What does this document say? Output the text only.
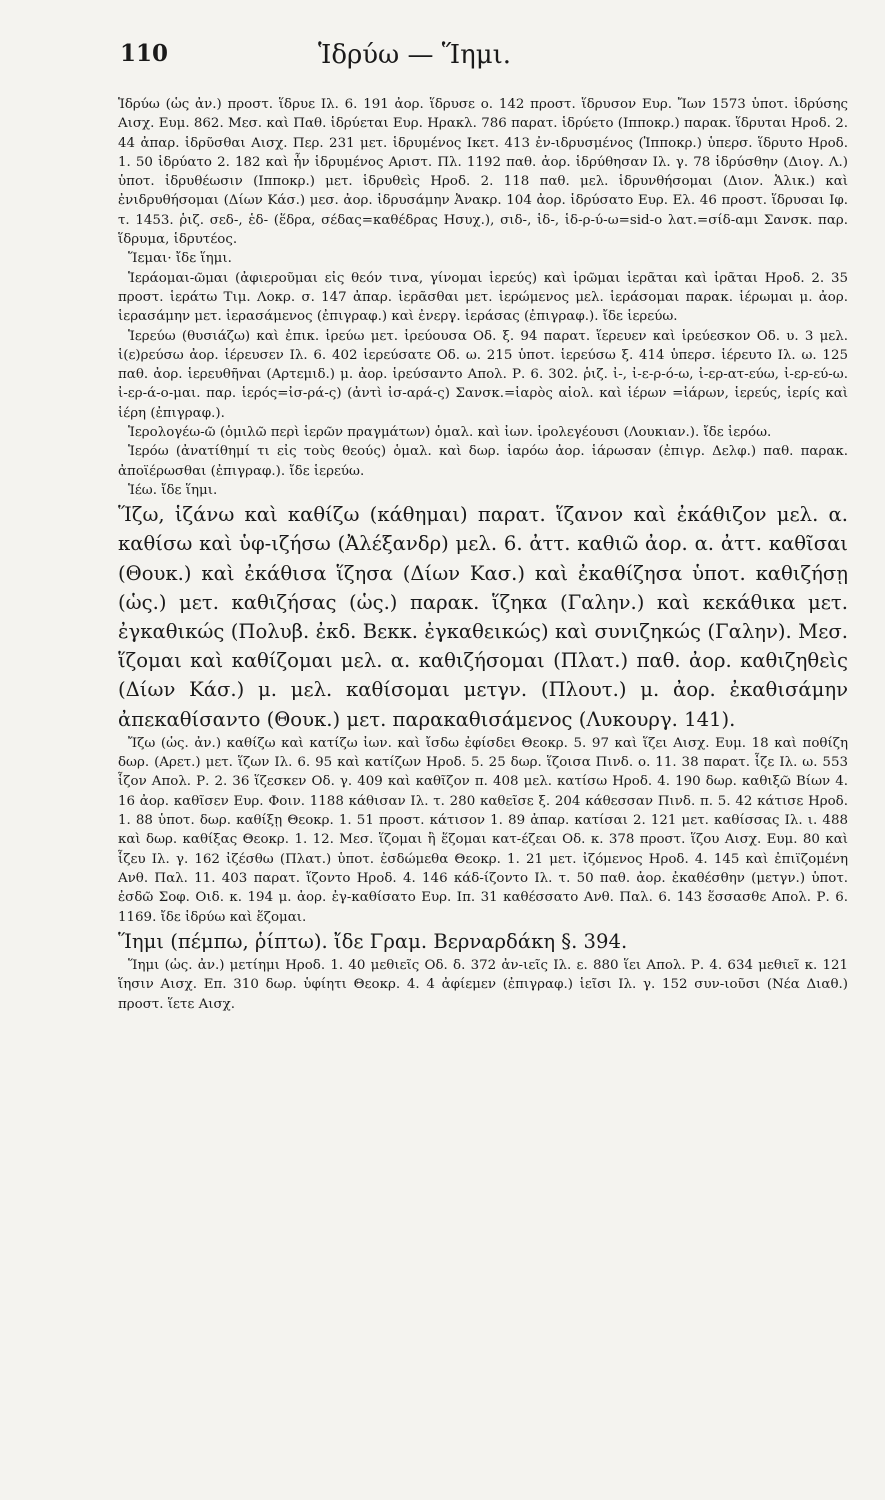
110	Ἱδρύω — Ἵημι.

Ἱδρύω (ὡς ἀν.) προστ. ἵδρυε Ιλ. 6. 191 ἀορ. ἵδρυσε ο. 142 προστ. ἵδρυσον Ευρ. Ἴων 1573 ὑποτ. ἱδρύσης Αισχ. Ευμ. 862. Μεσ. καὶ Παθ. ἱδρύεται Ευρ. Ηρακλ. 786 παρατ. ἱδρύετο (Ιπποκρ.) παρακ. ἵδρυται Ηροδ. 2. 44 ἀπαρ. ἱδρῦσθαι Αισχ. Περ. 231 μετ. ἱδρυμένος Ικετ. 413 ἐν-ιδρυσμένος (Ἱπποκρ.) ὑπερσ. ἵδρυτο Ηροδ. 1. 50 ἱδρύατο 2. 182 καὶ ἦν ἱδρυμένος Αριστ. Πλ. 1192 παθ. ἀορ. ἱδρύθησαν Ιλ. γ. 78 ἱδρύσθην (Διογ. Λ.) ὑποτ. ἱδρυθέωσιν (Ιπποκρ.) μετ. ἱδρυθεὶς Ηροδ. 2. 118 παθ. μελ. ἱδρυνθήσομαι (Διον. Ἁλικ.) καὶ ἐνιδρυθήσομαι (Δίων Κάσ.) μεσ. ἀορ. ἱδρυσάμην Ἀνακρ. 104 ἀορ. ἱδρύσατο Ευρ. Ελ. 46 προστ. ἵδρυσαι Ιφ. τ. 1453. ῥιζ. σεδ-, ἑδ- (ἕδρα, σέδας=καθέδρας Ησυχ.), σιδ-, ἱδ-, ἱδ-ρ-ύ-ω=sid-o λατ.=σίδ-αμι Σανσκ. παρ. ἵδρυμα, ἱδρυτέος.

Ἵεμαι· ἴδε ἵημι.

Ἱεράομαι-ῶμαι (ἀφιεροῦμαι εἰς θεόν τινα, γίνομαι ἱερεύς) καὶ ἱρῶμαι ἱερᾶται καὶ ἱρᾶται Ηροδ. 2. 35 προστ. ἱεράτω Τιμ. Λοκρ. σ. 147 ἀπαρ. ἱερᾶσθαι μετ. ἱερώμενος μελ. ἱεράσομαι παρακ. ἱέρωμαι μ. ἀορ. ἱερασάμην μετ. ἱερασάμενος (ἐπιγραφ.) καὶ ἐνεργ. ἱεράσας (ἐπιγραφ.). ἴδε ἱερεύω.

Ἱερεύω (θυσιάζω) καὶ ἐπικ. ἱρεύω μετ. ἱρεύουσα Οδ. ξ. 94 παρατ. ἵερευεν καὶ ἱρεύεσκον Οδ. υ. 3 μελ. ἱ(ε)ρεύσω ἀορ. ἱέρευσεν Ιλ. 6. 402 ἱερεύσατε Οδ. ω. 215 ὑποτ. ἱερεύσω ξ. 414 ὑπερσ. ἱέρευτο Ιλ. ω. 125 παθ. ἀορ. ἱερευθῆναι (Αρτεμιδ.) μ. ἀορ. ἱρεύσαντο Απολ. Ρ. 6. 302. ῥιζ. ἰ-, ἰ-ε-ρ-ό-ω, ἰ-ερ-ατ-εύω, ἰ-ερ-εύ-ω. ἰ-ερ-ά-ο-μαι. παρ. ἱερός=ἰσ-ρά-ς) (ἀντὶ ἰσ-αρά-ς) Σανσκ.=ἱαρὸς αἰολ. καὶ ἱέρων =ἰάρων, ἱερεύς, ἱερίς καὶ ἱέρη (ἐπιγραφ.).

Ἱερολογέω-ῶ (ὁμιλῶ περὶ ἱερῶν πραγμάτων) ὁμαλ. καὶ ἰων. ἱρολεγέουσι (Λουκιαν.). ἴδε ἱερόω.

Ἱερόω (ἀνατίθημί τι εἰς τοὺς θεούς) ὁμαλ. καὶ δωρ. ἱαρόω ἀορ. ἱάρωσαν (ἐπιγρ. Δελφ.) παθ. παρακ. ἀποϊέρωσθαι (ἐπιγραφ.). ἴδε ἱερεύω.

Ἱέω. ἴδε ἵημι.

Ἵζω, ἱζάνω καὶ καθίζω (κάθημαι) παρατ. ἵζανον καὶ ἐκάθιζον μελ. α. καθίσω καὶ ὑφ-ιζήσω (Ἀλέξανδρ) μελ. 6. ἀττ. καθιῶ ἀορ. α. ἀττ. καθῖσαι (Θουκ.) καὶ ἐκάθισα ἵζησα (Δίων Κασ.) καὶ ἐκαθίζησα ὑποτ. καθιζήσῃ (ὡς.) μετ. καθιζήσας (ὡς.) παρακ. ἵζηκα (Γαλην.) καὶ κεκάθικα μετ. ἐγκαθικώς (Πολυβ. ἐκδ. Βεκκ. ἐγκαθεικώς) καὶ συνιζηκώς (Γαλην). Μεσ. ἵζομαι καὶ καθίζομαι μελ. α. καθιζήσομαι (Πλατ.) παθ. ἀορ. καθιζηθεὶς (Δίων Κάσ.) μ. μελ. καθίσομαι μετγν. (Πλουτ.) μ. ἀορ. ἐκαθισάμην ἀπεκαθίσαντο (Θουκ.) μετ. παρακαθισάμενος (Λυκουργ. 141).

Ἴζω (ὡς. ἀν.) καθίζω καὶ κατίζω ἰων. καὶ ἴσδω ἐφίσδει Θεοκρ. 5. 97 καὶ ἵζει Αισχ. Ευμ. 18 καὶ ποθίζη δωρ. (Αρετ.) μετ. ἵζων Ιλ. 6. 95 καὶ κατίζων Ηροδ. 5. 25 δωρ. ἵζοισα Πινδ. ο. 11. 38 παρατ. ἷζε Ιλ. ω. 553 ἷζον Απολ. Ρ. 2. 36 ἵζεσκεν Οδ. γ. 409 καὶ καθῖζον π. 408 μελ. κατίσω Ηροδ. 4. 190 δωρ. καθιξῶ Βίων 4. 16 ἀορ. καθῖσεν Ευρ. Φοιν. 1188 κάθισαν Ιλ. τ. 280 καθεῖσε ξ. 204 κάθεσσαν Πινδ. π. 5. 42 κάτισε Ηροδ. 1. 88 ὑποτ. δωρ. καθίξῃ Θεοκρ. 1. 51 προστ. κάτισον 1. 89 ἀπαρ. κατίσαι 2. 121 μετ. καθίσσας Ιλ. ι. 488 καὶ δωρ. καθίξας Θεοκρ. 1. 12. Μεσ. ἵζομαι ἢ ἕζομαι κατ-έζεαι Οδ. κ. 378 προστ. ἵζου Αισχ. Ευμ. 80 καὶ ἷζευ Ιλ. γ. 162 ἰζέσθω (Πλατ.) ὑποτ. ἐσδώμεθα Θεοκρ. 1. 21 μετ. ἰζόμενος Ηροδ. 4. 145 καὶ ἐπιϊζομένη Ανθ. Παλ. 11. 403 παρατ. ἵζοντο Ηροδ. 4. 146 κάδ-ίζοντο Ιλ. τ. 50 παθ. ἀορ. ἐκαθέσθην (μετγν.) ὑποτ. ἐσδῶ Σοφ. Οιδ. κ. 194 μ. ἀορ. ἐγ-καθίσατο Ευρ. Ιπ. 31 καθέσσατο Ανθ. Παλ. 6. 143 ἕσσασθε Απολ. Ρ. 6. 1169. ἴδε ἱδρύω καὶ ἕζομαι.

Ἵημι (πέμπω, ῥίπτω). ἴδε Γραμ. Βερναρδάκη §. 394.

Ἵημι (ὡς. ἀν.) μετίημι Ηροδ. 1. 40 μεθιεῖς Οδ. δ. 372 ἀν-ιεῖς Ιλ. ε. 880 ἵει Απολ. Ρ. 4. 634 μεθιεῖ κ. 121 ἵησιν Αισχ. Επ. 310 δωρ. ὑφίητι Θεοκρ. 4. 4 ἀφίεμεν (ἐπιγραφ.) ἱεῖσι Ιλ. γ. 152 συν-ιοῦσι (Νέα Διαθ.) προστ. ἵετε Αισχ.
